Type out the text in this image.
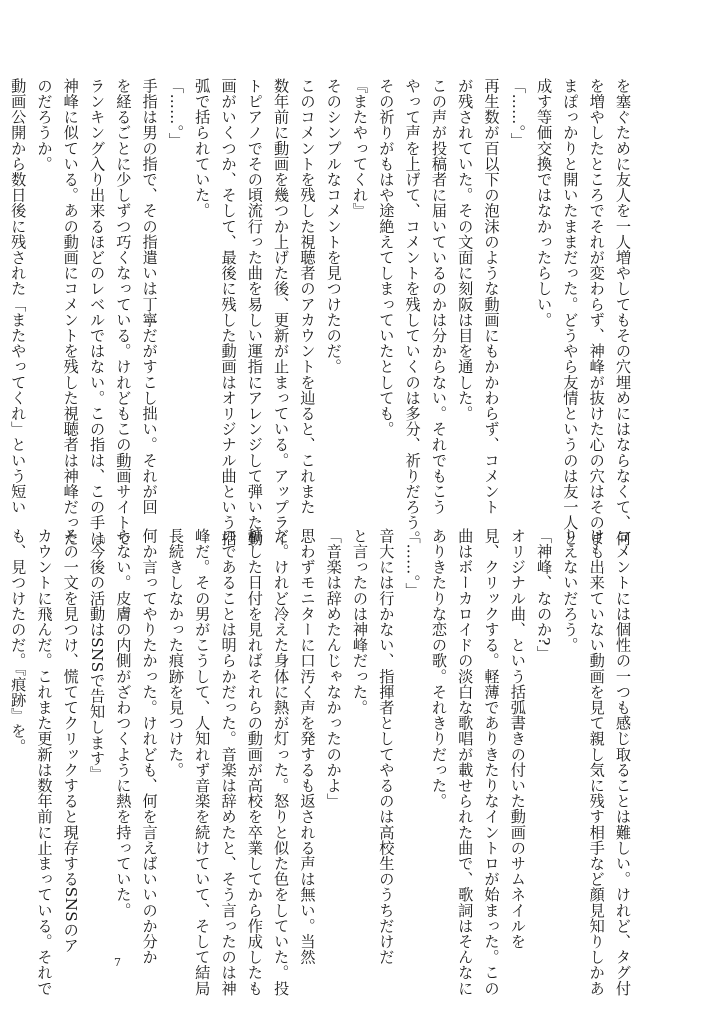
を塞ぐために友人を一人増やしてもその穴埋めにはならなくて、何
を増やしたところでそれが変わらず、神峰が抜けた心の穴はそのま
まぽっかりと開いたままだった。どうやら友情というのは友一人と
成す等価交換ではなかったらしい。
「……。」
再生数が百以下の泡沫のような動画にもかかわらず、コメント
が残されていた。その文面に刻阪は目を通した。
この声が投稿者に届いているのかは分からない。それでもこう
やって声を上げて、コメントを残していくのは多分、祈りだろう。
その祈りがもはや途絶えてしまっていたとしても。
『またやってくれ』
そのシンプルなコメントを見つけたのだ。
このコメントを残した視聴者のアカウントを辿ると、これまた
数年前に動画を幾つか上げた後、更新が止まっている。アップライ
トピアノでその頃流行った曲を易しい運指にアレンジして弾いた動
画がいくつか、そして、最後に残した動画はオリジナル曲という括
弧で括られていた。
「……。」
手指は男の指で、その指遣いは丁寧だがすこし拙い。それが回
を経るごとに少しずつ巧くなっている。けれどもこの動画サイトで
ランキング入り出来るほどのレベルではない。この指は、この手は
神峰に似ている。あの動画にコメントを残した視聴者は神峰だった
のだろうか。
動画公開から数日後に残された「またやってくれ」という短い
コメントには個性の一つも感じ取ることは難しい。けれど、タグ付
けも出来ていない動画を見て親し気に残す相手など顔見知りしかあ
りえないだろう。
「神峰、なのか?」
オリジナル曲、という括弧書きの付いた動画のサムネイルを
見、クリックする。軽薄でありきたりなイントロが始まった。この
曲はボーカロイドの淡白な歌唱が載せられた曲で、歌詞はそんなに
ありきたりな恋の歌。それきりだった。
「……。」
音大には行かない、指揮者としてやるのは高校生のうちだけだ
と言ったのは神峰だった。
「音楽は辞めたんじゃなかったのかよ」
思わずモニターに口汚く声を発するも返される声は無い。当然
だ。けれど冷えた身体に熱が灯った。怒りと似た色をしていた。投
稿した日付を見ればそれらの動画が高校を卒業してから作成したも
のであることは明らかだった。音楽は辞めたと、そう言ったのは神
峰だ。その男がこうして、人知れず音楽を続けていて、そして結局
長続きしなかった痕跡を見つけた。
何か言ってやりたかった。けれども、何を言えばいいのか分か
らない。皮膚の内側がざわつくように熱を持っていた。
『今後の活動はSNSで告知します』
その一文を見つけ、慌ててクリックすると現存するSNSのア
カウントに飛んだ。これまた更新は数年前に止まっている。それで
も、見つけたのだ。『痕跡』を。
7
